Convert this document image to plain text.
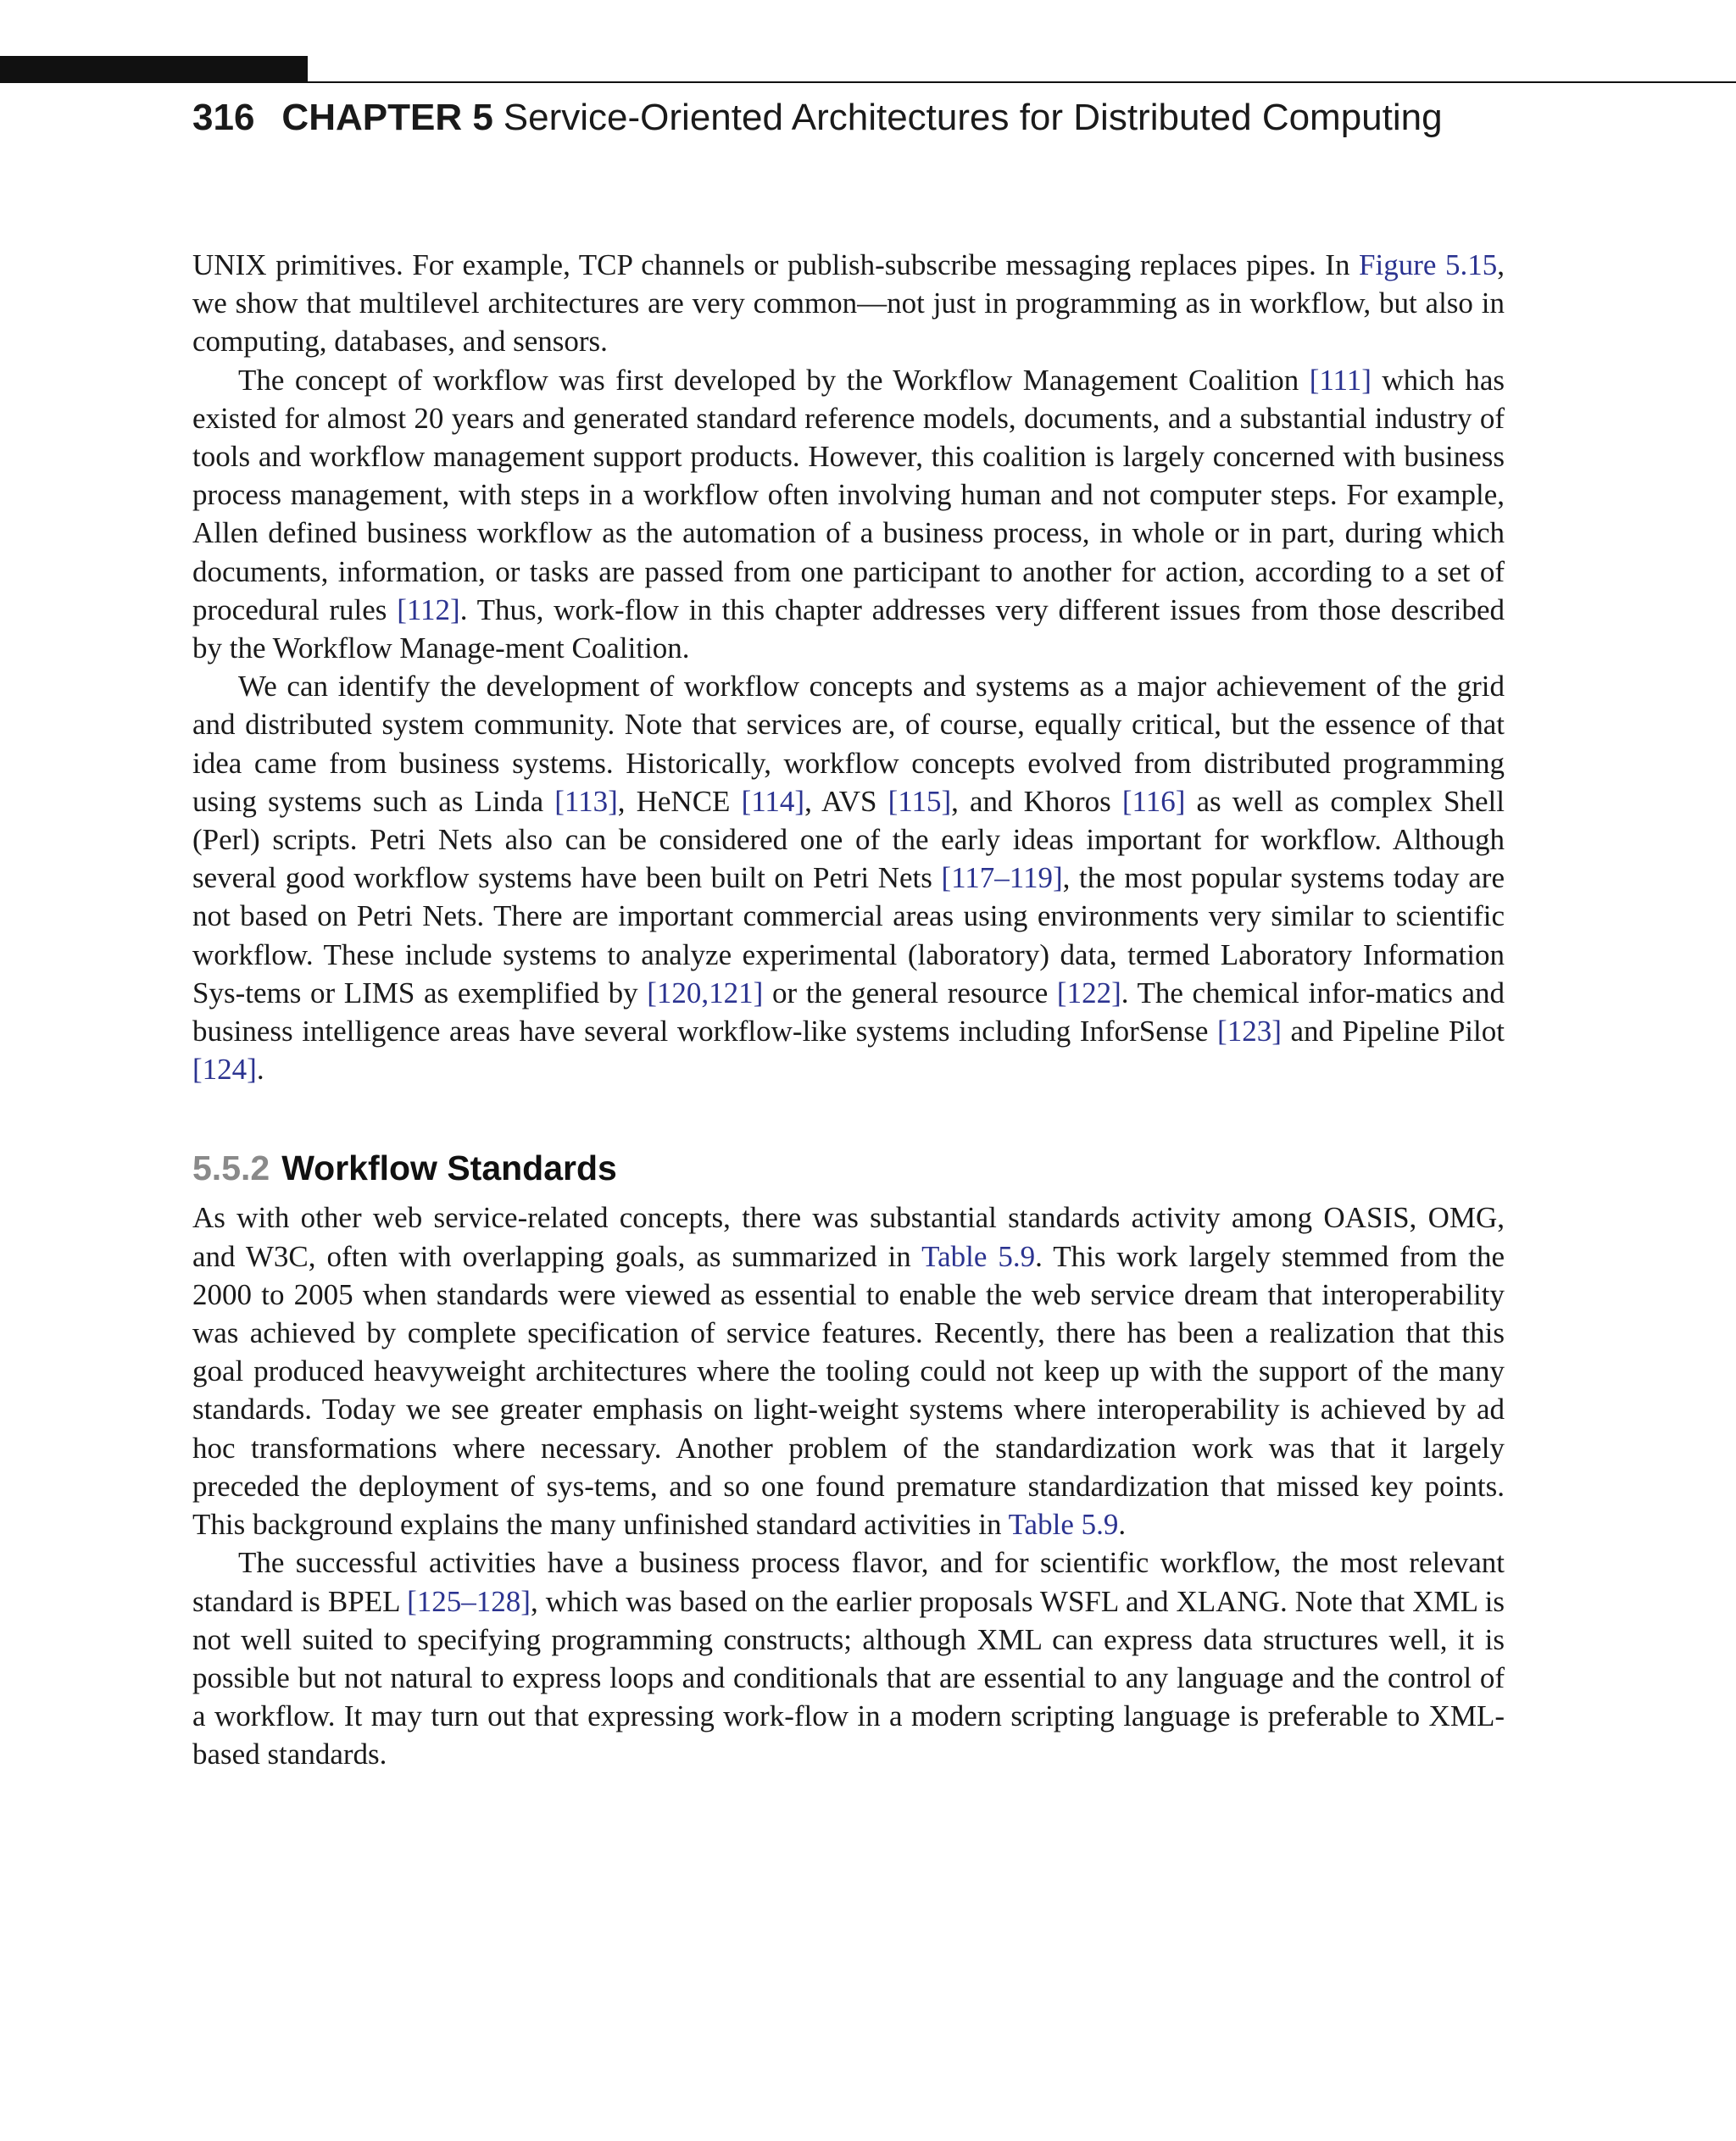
316 CHAPTER 5 Service-Oriented Architectures for Distributed Computing

UNIX primitives. For example, TCP channels or publish-subscribe messaging replaces pipes. In Figure 5.15, we show that multilevel architectures are very common—not just in programming as in workflow, but also in computing, databases, and sensors.

The concept of workflow was first developed by the Workflow Management Coalition [111] which has existed for almost 20 years and generated standard reference models, documents, and a substantial industry of tools and workflow management support products. However, this coalition is largely concerned with business process management, with steps in a workflow often involving human and not computer steps. For example, Allen defined business workflow as the automation of a business process, in whole or in part, during which documents, information, or tasks are passed from one participant to another for action, according to a set of procedural rules [112]. Thus, work-flow in this chapter addresses very different issues from those described by the Workflow Manage-ment Coalition.

We can identify the development of workflow concepts and systems as a major achievement of the grid and distributed system community. Note that services are, of course, equally critical, but the essence of that idea came from business systems. Historically, workflow concepts evolved from distributed programming using systems such as Linda [113], HeNCE [114], AVS [115], and Khoros [116] as well as complex Shell (Perl) scripts. Petri Nets also can be considered one of the early ideas important for workflow. Although several good workflow systems have been built on Petri Nets [117–119], the most popular systems today are not based on Petri Nets. There are important commercial areas using environments very similar to scientific workflow. These include systems to analyze experimental (laboratory) data, termed Laboratory Information Sys-tems or LIMS as exemplified by [120,121] or the general resource [122]. The chemical infor-matics and business intelligence areas have several workflow-like systems including InforSense [123] and Pipeline Pilot [124].

5.5.2 Workflow Standards

As with other web service-related concepts, there was substantial standards activity among OASIS, OMG, and W3C, often with overlapping goals, as summarized in Table 5.9. This work largely stemmed from the 2000 to 2005 when standards were viewed as essential to enable the web service dream that interoperability was achieved by complete specification of service features. Recently, there has been a realization that this goal produced heavyweight architectures where the tooling could not keep up with the support of the many standards. Today we see greater emphasis on light-weight systems where interoperability is achieved by ad hoc transformations where necessary. Another problem of the standardization work was that it largely preceded the deployment of sys-tems, and so one found premature standardization that missed key points. This background explains the many unfinished standard activities in Table 5.9.

The successful activities have a business process flavor, and for scientific workflow, the most relevant standard is BPEL [125–128], which was based on the earlier proposals WSFL and XLANG. Note that XML is not well suited to specifying programming constructs; although XML can express data structures well, it is possible but not natural to express loops and conditionals that are essential to any language and the control of a workflow. It may turn out that expressing work-flow in a modern scripting language is preferable to XML-based standards.
